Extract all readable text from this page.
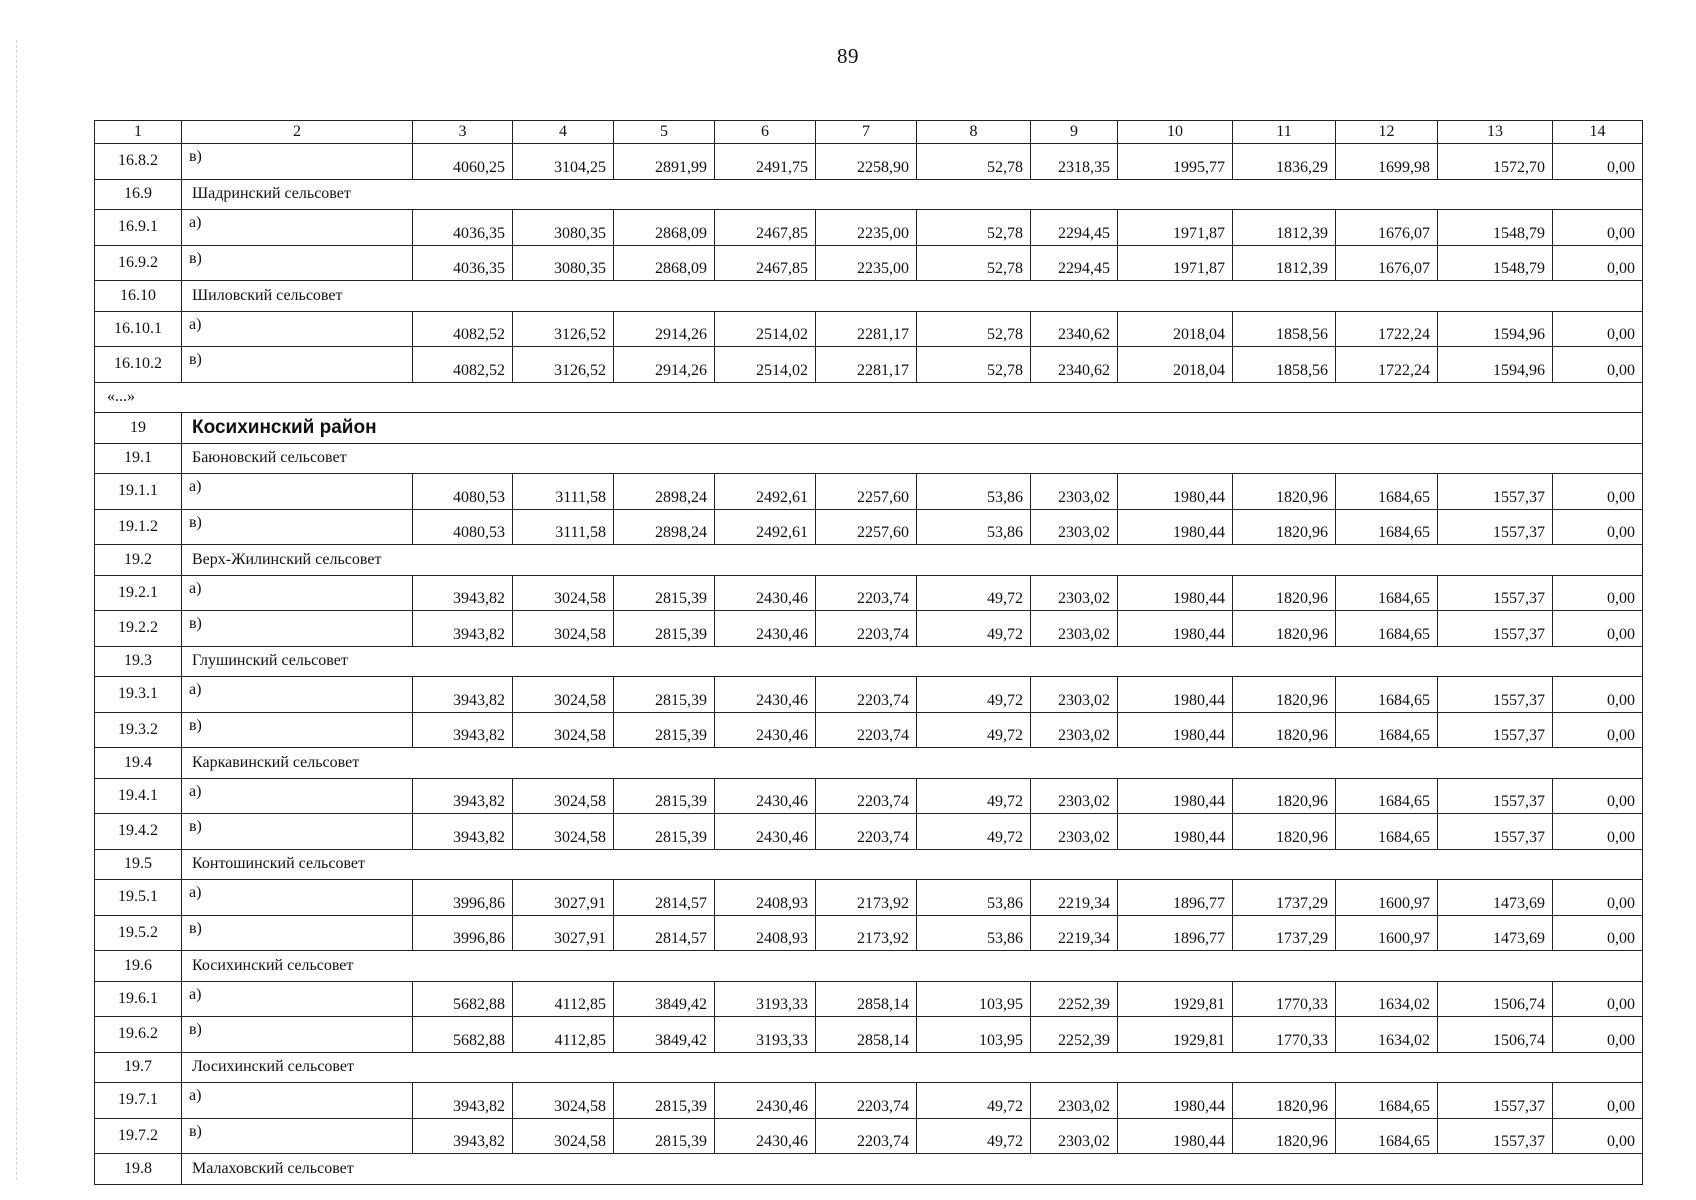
89
1	2	3	4	5	6	7	8	9	10	11	12	13	14
16.8.2	в)	4060,25	3104,25	2891,99	2491,75	2258,90	52,78	2318,35	1995,77	1836,29	1699,98	1572,70	0,00
16.9	Шадринский сельсовет												
16.9.1	а)	4036,35	3080,35	2868,09	2467,85	2235,00	52,78	2294,45	1971,87	1812,39	1676,07	1548,79	0,00
16.9.2	в)	4036,35	3080,35	2868,09	2467,85	2235,00	52,78	2294,45	1971,87	1812,39	1676,07	1548,79	0,00
16.10	Шиловский сельсовет												
16.10.1	а)	4082,52	3126,52	2914,26	2514,02	2281,17	52,78	2340,62	2018,04	1858,56	1722,24	1594,96	0,00
16.10.2	в)	4082,52	3126,52	2914,26	2514,02	2281,17	52,78	2340,62	2018,04	1858,56	1722,24	1594,96	0,00
«...»													
19	Косихинский район												
19.1	Баюновский сельсовет												
19.1.1	а)	4080,53	3111,58	2898,24	2492,61	2257,60	53,86	2303,02	1980,44	1820,96	1684,65	1557,37	0,00
19.1.2	в)	4080,53	3111,58	2898,24	2492,61	2257,60	53,86	2303,02	1980,44	1820,96	1684,65	1557,37	0,00
19.2	Верх-Жилинский сельсовет												
19.2.1	а)	3943,82	3024,58	2815,39	2430,46	2203,74	49,72	2303,02	1980,44	1820,96	1684,65	1557,37	0,00
19.2.2	в)	3943,82	3024,58	2815,39	2430,46	2203,74	49,72	2303,02	1980,44	1820,96	1684,65	1557,37	0,00
19.3	Глушинский сельсовет												
19.3.1	а)	3943,82	3024,58	2815,39	2430,46	2203,74	49,72	2303,02	1980,44	1820,96	1684,65	1557,37	0,00
19.3.2	в)	3943,82	3024,58	2815,39	2430,46	2203,74	49,72	2303,02	1980,44	1820,96	1684,65	1557,37	0,00
19.4	Каркавинский сельсовет												
19.4.1	а)	3943,82	3024,58	2815,39	2430,46	2203,74	49,72	2303,02	1980,44	1820,96	1684,65	1557,37	0,00
19.4.2	в)	3943,82	3024,58	2815,39	2430,46	2203,74	49,72	2303,02	1980,44	1820,96	1684,65	1557,37	0,00
19.5	Контошинский сельсовет												
19.5.1	а)	3996,86	3027,91	2814,57	2408,93	2173,92	53,86	2219,34	1896,77	1737,29	1600,97	1473,69	0,00
19.5.2	в)	3996,86	3027,91	2814,57	2408,93	2173,92	53,86	2219,34	1896,77	1737,29	1600,97	1473,69	0,00
19.6	Косихинский сельсовет												
19.6.1	а)	5682,88	4112,85	3849,42	3193,33	2858,14	103,95	2252,39	1929,81	1770,33	1634,02	1506,74	0,00
19.6.2	в)	5682,88	4112,85	3849,42	3193,33	2858,14	103,95	2252,39	1929,81	1770,33	1634,02	1506,74	0,00
19.7	Лосихинский сельсовет												
19.7.1	а)	3943,82	3024,58	2815,39	2430,46	2203,74	49,72	2303,02	1980,44	1820,96	1684,65	1557,37	0,00
19.7.2	в)	3943,82	3024,58	2815,39	2430,46	2203,74	49,72	2303,02	1980,44	1820,96	1684,65	1557,37	0,00
19.8	Малаховский сельсовет												
